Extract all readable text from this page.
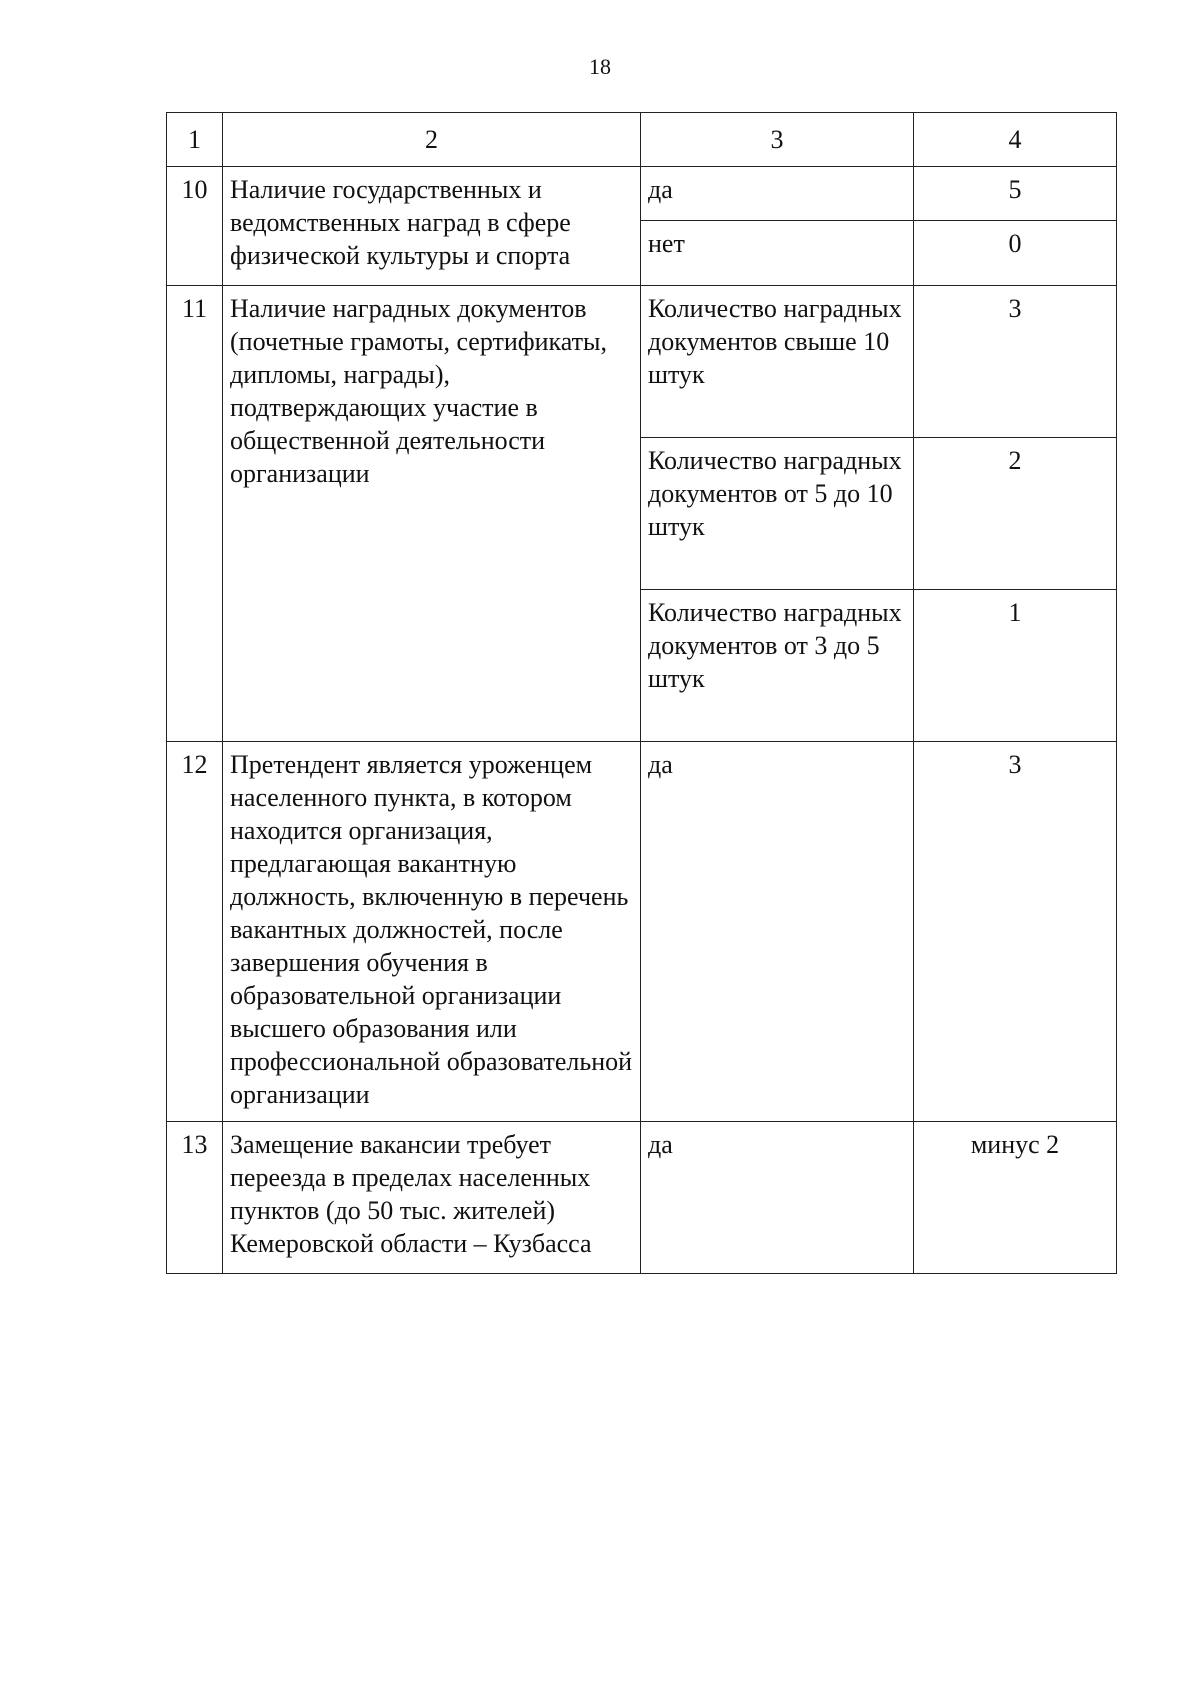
18
1	2	3	4
10	Наличие государственных и ведомственных наград в сфере физической культуры и спорта	да	5
		нет	0
11	Наличие наградных документов (почетные грамоты, сертификаты, дипломы, награды), подтверждающих участие в общественной деятельности организации	Количество наградных документов свыше 10 штук	3
		Количество наградных документов от 5 до 10 штук	2
		Количество наградных документов от 3 до 5 штук	1
12	Претендент является уроженцем населенного пункта, в котором находится организация, предлагающая вакантную должность, включенную в перечень вакантных должностей, после завершения обучения в образовательной организации высшего образования или профессиональной образовательной организации	да	3
13	Замещение вакансии требует переезда в пределах населенных пунктов (до 50 тыс. жителей) Кемеровской области – Кузбасса	да	минус 2
